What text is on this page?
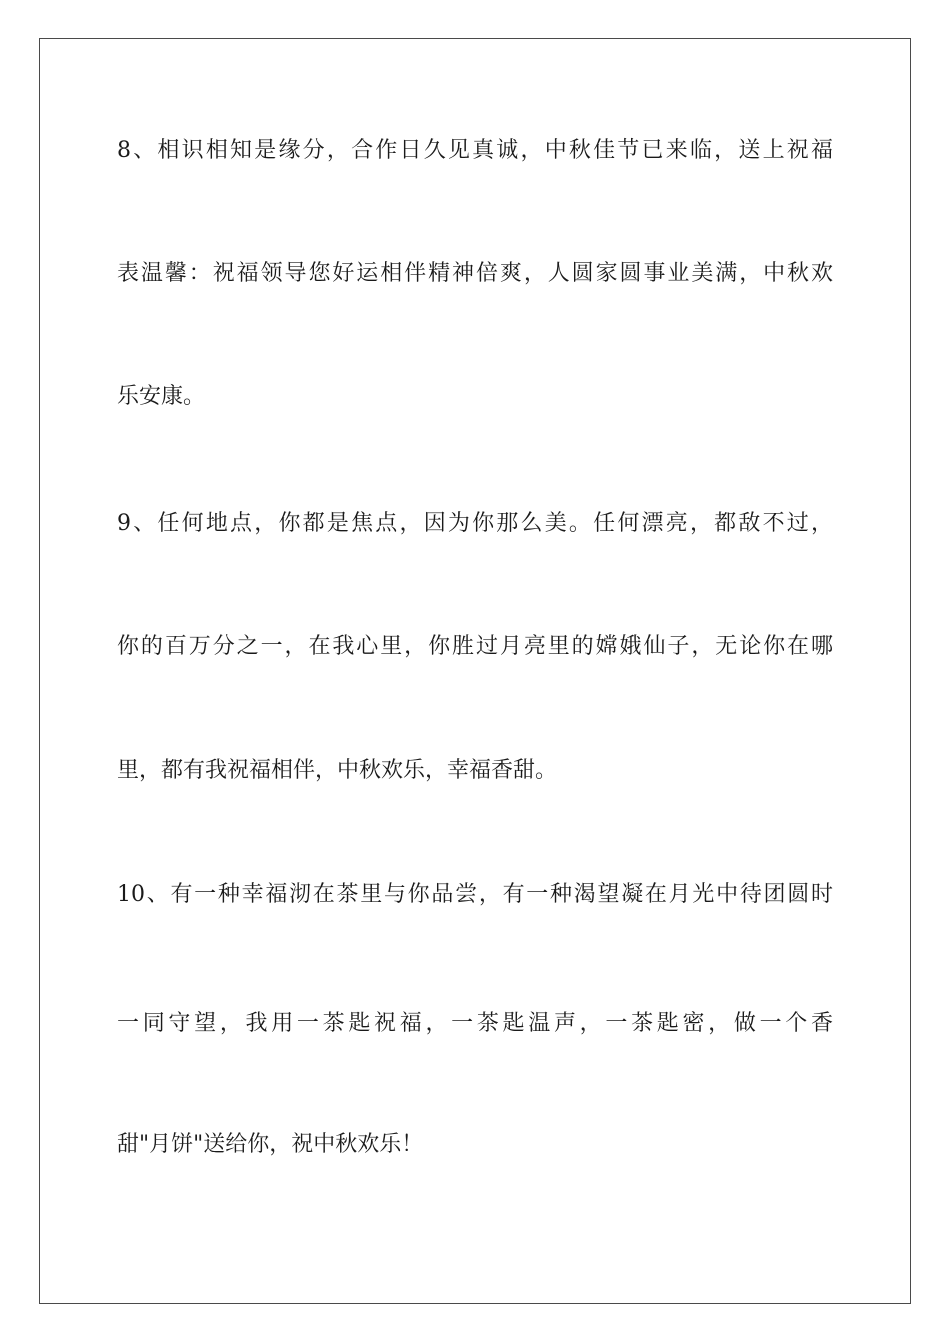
8、相识相知是缘分，合作日久见真诚，中秋佳节已来临，送上祝福
表温馨：祝福领导您好运相伴精神倍爽，人圆家圆事业美满，中秋欢
乐安康。
9、任何地点，你都是焦点，因为你那么美。任何漂亮，都敌不过，
你的百万分之一，在我心里，你胜过月亮里的嫦娥仙子，无论你在哪
里，都有我祝福相伴，中秋欢乐，幸福香甜。
10、有一种幸福沏在茶里与你品尝，有一种渴望凝在月光中待团圆时
一同守望，我用一茶匙祝福，一茶匙温声，一茶匙密，做一个香
甜"月饼"送给你，祝中秋欢乐！
